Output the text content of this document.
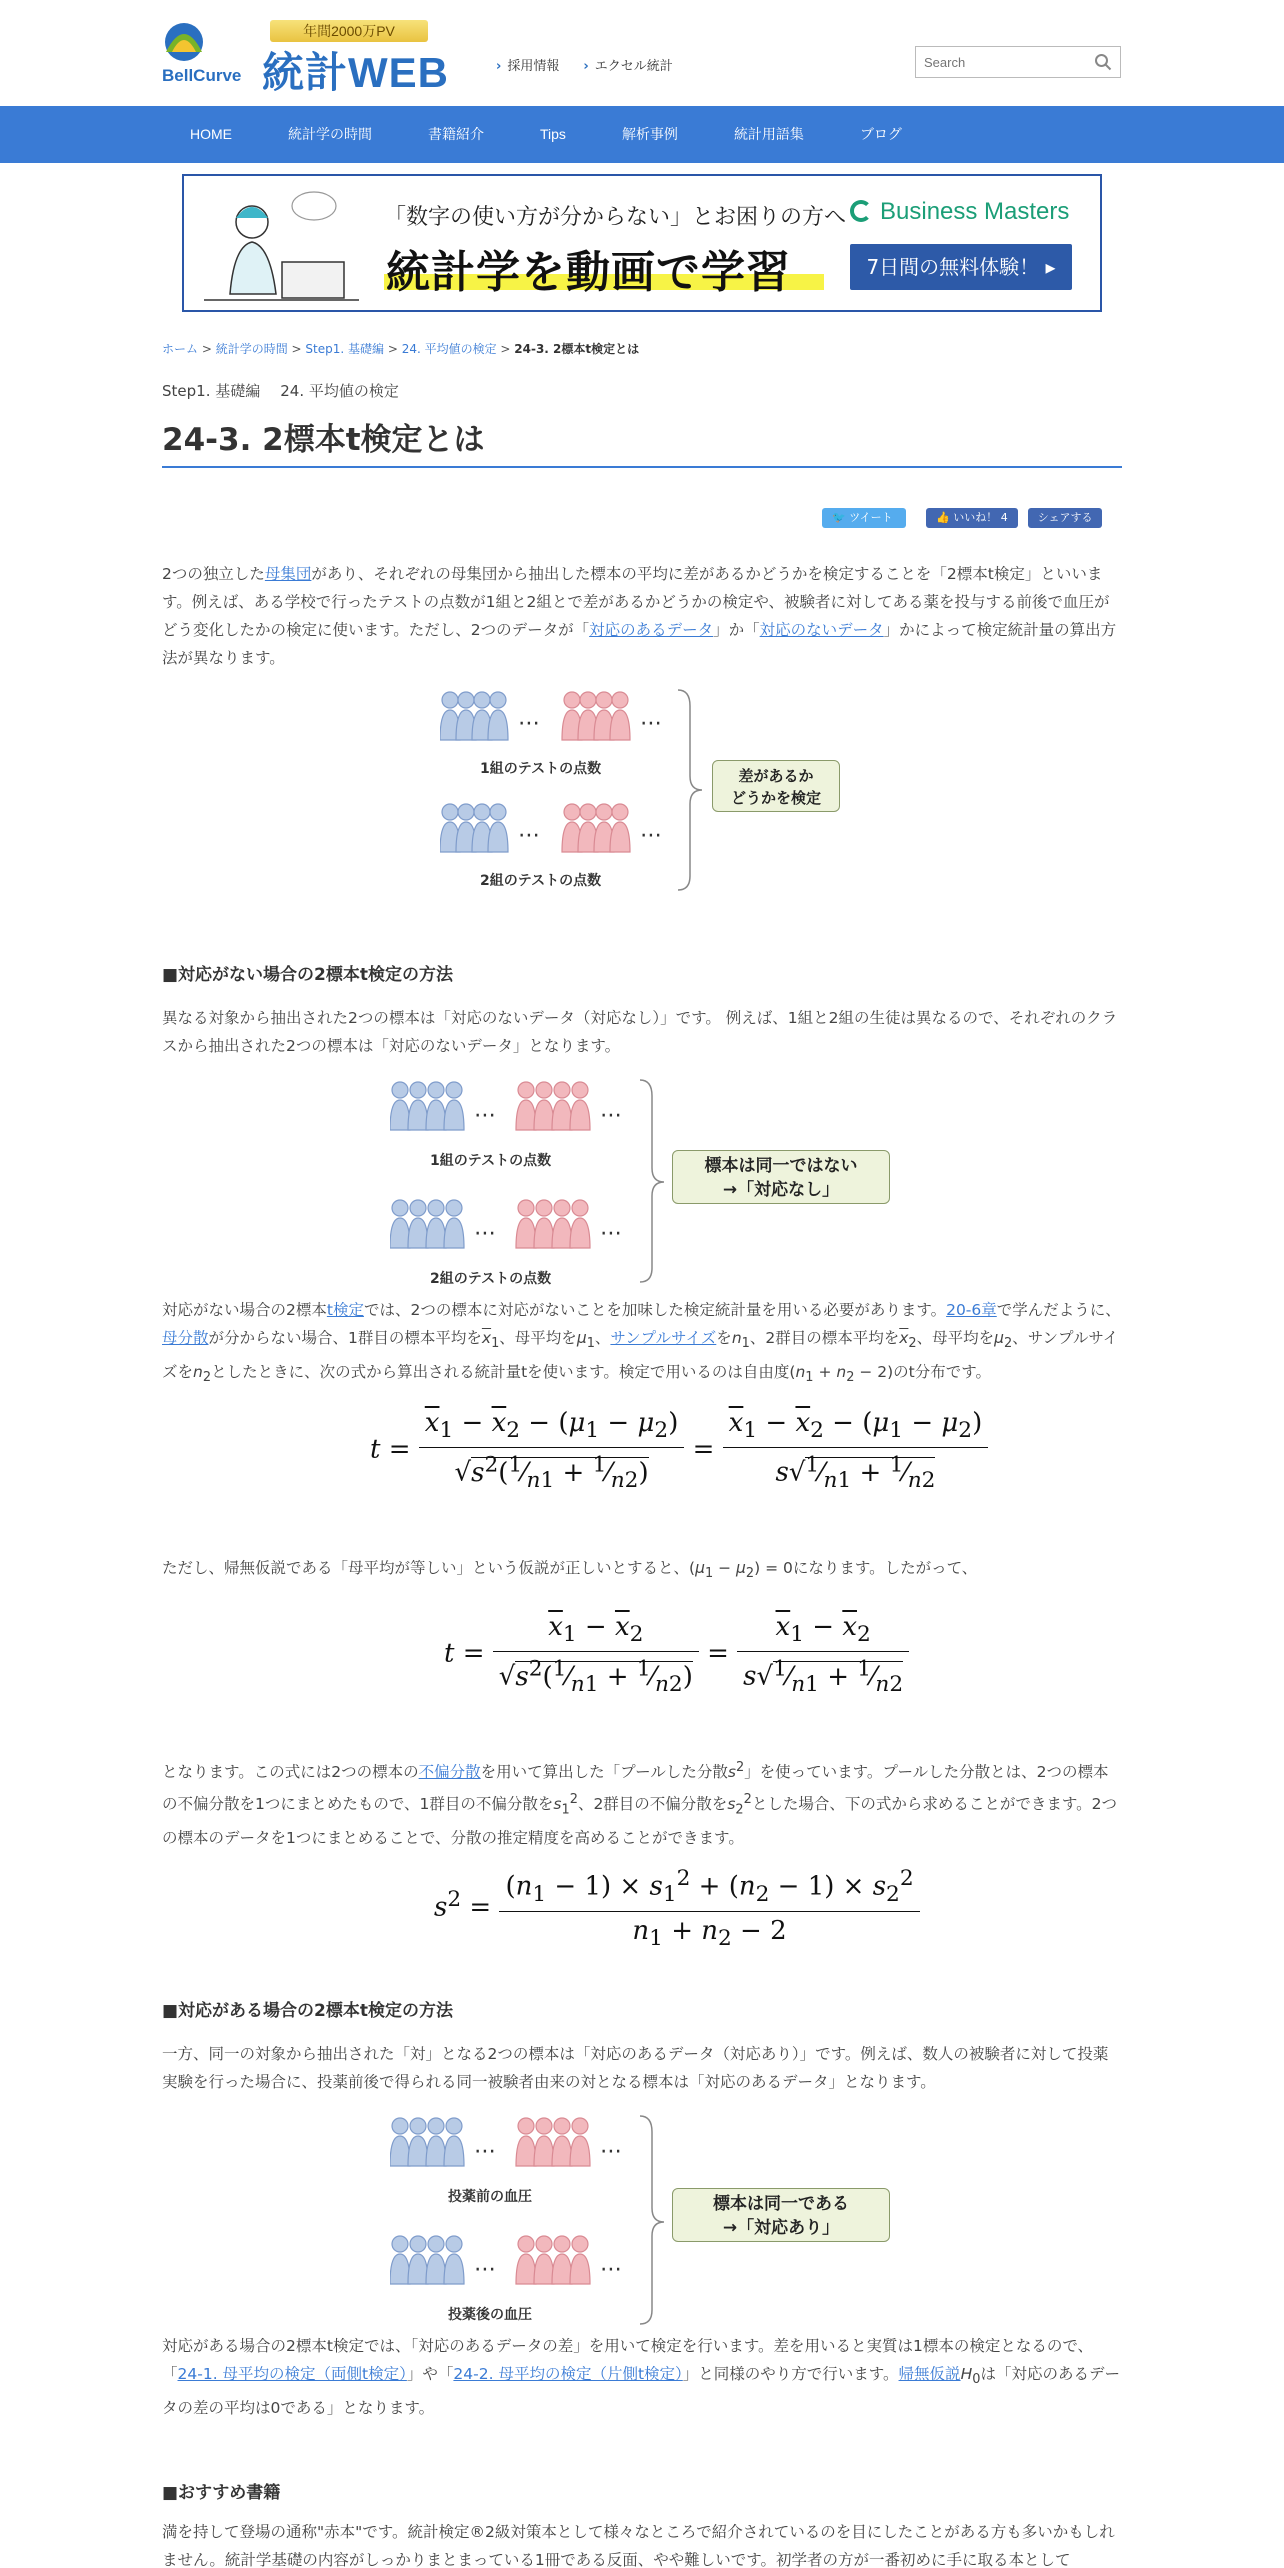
BellCurve
年間2000万PV
統計WEB	› 採用情報 › エクセル統計
Search
HOME	統計学の時間	書籍紹介	Tips	解析事例	統計用語集	ブログ
「数字の使い方が分からない」とお困りの方へ
統計学を動画で学習
Business Masters
7日間の無料体験！ ▸
ホーム > 統計学の時間 > Step1. 基礎編 > 24. 平均値の検定 > 24-3. 2標本t検定とは
Step1. 基礎編 24. 平均値の検定
24-3. 2標本t検定とは
🐦 ツイート	👍 いいね！ 4	シェアする
2つの独立した母集団があり、それぞれの母集団から抽出した標本の平均に差があるかどうかを検定することを「2標本t検定」といいます。例えば、ある学校で行ったテストの点数が1組と2組とで差があるかどうかの検定や、被験者に対してある薬を投与する前後で血圧がどう変化したかの検定に使います。ただし、2つのデータが「対応のあるデータ」か「対応のないデータ」かによって検定統計量の算出方法が異なります。
⋯
⋯
⋯
⋯
1組のテストの点数
2組のテストの点数
差があるか
どうかを検定
■対応がない場合の2標本t検定の方法
異なる対象から抽出された2つの標本は「対応のないデータ（対応なし）」です。 例えば、1組と2組の生徒は異なるので、それぞれのクラスから抽出された2つの標本は「対応のないデータ」となります。
⋯
⋯
⋯
⋯
1組のテストの点数
2組のテストの点数
標本は同一ではない
→「対応なし」
対応がない場合の2標本t検定では、2つの標本に対応がないことを加味した検定統計量を用いる必要があります。20-6章で学んだように、母分散が分からない場合、1群目の標本平均を$\overline{x}_1$、母平均を$\mu_1$、サンプルサイズを$n_1$、2群目の標本平均を$\overline{x}_2$、母平均を$\mu_2$、サンプルサイズを$n_2$としたときに、次の式から算出される統計量tを使います。検定で用いるのは自由度$(n_1 + n_2 - 2)$のt分布です。
$t = \frac{\overline{x}_1 - \overline{x}_2 - (\mu_1 - \mu_2)}{√s^2(^1⁄_{n1} + ^1⁄_{n2})} = \frac{\overline{x}_1 - \overline{x}_2 - (\mu_1 - \mu_2)}{s√^1⁄_{n1} + ^1⁄_{n2}}$
ただし、帰無仮説である「母平均が等しい」という仮説が正しいとすると、$(\mu_1 - \mu_2) = 0$になります。したがって、
$t = \frac{\overline{x}_1 - \overline{x}_2}{√s^2(^1⁄_{n1} + ^1⁄_{n2})} = \frac{\overline{x}_1 - \overline{x}_2}{s√^1⁄_{n1} + ^1⁄_{n2}}$
となります。この式には2つの標本の不偏分散を用いて算出した「プールした分散$s^2$」を使っています。プールした分散とは、2つの標本の不偏分散を1つにまとめたもので、1群目の不偏分散を$s_1^2$、2群目の不偏分散を$s_2^2$とした場合、下の式から求めることができます。2つの標本のデータを1つにまとめることで、分散の推定精度を高めることができます。
$s^2 = \frac{(n_1 - 1) \times s_1^2 + (n_2 - 1) \times s_2^2}{n_1 + n_2 - 2}$
■対応がある場合の2標本t検定の方法
一方、同一の対象から抽出された「対」となる2つの標本は「対応のあるデータ（対応あり）」です。例えば、数人の被験者に対して投薬実験を行った場合に、投薬前後で得られる同一被験者由来の対となる標本は「対応のあるデータ」となります。
⋯
⋯
⋯
⋯
投薬前の血圧
投薬後の血圧
標本は同一である
→「対応あり」
対応がある場合の2標本t検定では、「対応のあるデータの差」を用いて検定を行います。差を用いると実質は1標本の検定となるので、「24-1. 母平均の検定（両側t検定）」や「24-2. 母平均の検定（片側t検定）」と同様のやり方で行います。帰無仮説$H_0$は「対応のあるデータの差の平均は0である」となります。
■おすすめ書籍
満を持して登場の通称"赤本"です。統計検定®2級対策本として様々なところで紹介されているのを目にしたことがある方も多いかもしれません。統計学基礎の内容がしっかりまとまっている1冊である反面、やや難しいです。初学者の方が一番初めに手に取る本として
